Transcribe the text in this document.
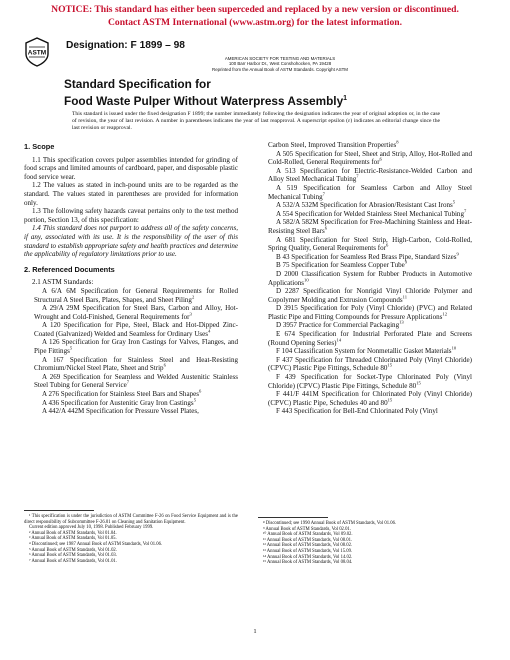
NOTICE: This standard has either been superceded and replaced by a new version or discontinued.
Contact ASTM International (www.astm.org) for the latest information.
ASTM
Designation: F 1899 – 98
AMERICAN SOCIETY FOR TESTING AND MATERIALS
100 Barr Harbor Dr., West Conshohocken, PA 19428
Reprinted from the Annual Book of ASTM Standards. Copyright ASTM
Standard Specification for
Food Waste Pulper Without Waterpress Assembly$^1$
This standard is issued under the fixed designation F 1899; the number immediately following the designation indicates the year of original adoption or, in the case of revision, the year of last revision. A number in parentheses indicates the year of last reapproval. A superscript epsilon (ε) indicates an editorial change since the last revision or reapproval.
1. Scope

1.1 This specification covers pulper assemblies intended for grinding of food scraps and limited amounts of cardboard, paper, and disposable plastic food service wear.

1.2 The values as stated in inch-pound units are to be regarded as the standard. The values stated in parentheses are provided for information only.

1.3 The following safety hazards caveat pertains only to the test method portion, Section 13, of this specification:

1.4 This standard does not purport to address all of the safety concerns, if any, associated with its use. It is the responsibility of the user of this standard to establish appropriate safety and health practices and determine the applicability of regulatory limitations prior to use.

2. Referenced Documents

2.1 ASTM Standards:

A 6/A 6M Specification for General Requirements for Rolled Structural A Steel Bars, Plates, Shapes, and Sheet Piling$^2$

A 29/A 29M Specification for Steel Bars, Carbon and Alloy, Hot-Wrought and Cold-Finished, General Requirements for$^3$

A 120 Specification for Pipe, Steel, Black and Hot-Dipped Zinc-Coated (Galvanized) Welded and Seamless for Ordinary Uses$^4$

A 126 Specification for Gray Iron Castings for Valves, Flanges, and Pipe Fittings$^5$

A 167 Specification for Stainless Steel and Heat-Resisting Chromium/Nickel Steel Plate, Sheet and Strip$^6$

A 269 Specification for Seamless and Welded Austenitic Stainless Steel Tubing for General Service$^7$

A 276 Specification for Stainless Steel Bars and Shapes$^6$

A 436 Specification for Austenitic Gray Iron Castings$^5$

A 442/A 442M Specification for Pressure Vessel Plates,

Carbon Steel, Improved Transition Properties$^8$

A 505 Specification for Steel, Sheet and Strip, Alloy, Hot-Rolled and Cold-Rolled, General Requirements for$^6$

A 513 Specification for Electric-Resistance-Welded Carbon and Alloy Steel Mechanical Tubing$^7$

A 519 Specification for Seamless Carbon and Alloy Steel Mechanical Tubing$^7$

A 532/A 532M Specification for Abrasion/Resistant Cast Irons$^5$

A 554 Specification for Welded Stainless Steel Mechanical Tubing$^7$

A 582/A 582M Specification for Free-Machining Stainless and Heat-Resisting Steel Bars$^6$

A 681 Specification for Steel Strip, High-Carbon, Cold-Rolled, Spring Quality, General Requirements for$^6$

B 43 Specification for Seamless Red Brass Pipe, Standard Sizes$^9$

B 75 Specification for Seamless Copper Tube$^9$

D 2000 Classification System for Rubber Products in Automotive Applications$^{10}$

D 2287 Specification for Nonrigid Vinyl Chloride Polymer and Copolymer Molding and Extrusion Compounds$^{11}$

D 3915 Specification for Poly (Vinyl Chloride) (PVC) and Related Plastic Pipe and Fitting Compounds for Pressure Applications$^{12}$

D 3957 Practice for Commercial Packaging$^{13}$

E 674 Specification for Industrial Perforated Plate and Screens (Round Opening Series)$^{14}$

F 104 Classification System for Nonmetallic Gasket Materials$^{10}$

F 437 Specification for Threaded Chlorinated Poly (Vinyl Chloride) (CPVC) Plastic Pipe Fittings, Schedule $80^{15}$

F 439 Specification for Socket-Type Chlorinated Poly (Vinyl Chloride) (CPVC) Plastic Pipe Fittings, Schedule $80^{15}$

F 441/F 441M Specification for Chlorinated Poly (Vinyl Chloride) (CPVC) Plastic Pipe, Schedules 40 and $80^{15}$

F 443 Specification for Bell-End Chlorinated Poly (Vinyl

¹ This specification is under the jurisdiction of ASTM Committee F-26 on Food Service Equipment and is the direct responsibility of Subcommittee F-26.01 on Cleaning and Sanitation Equipment.

Current edition approved July 10, 1998. Published February 1999.

² Annual Book of ASTM Standards, Vol 01.04.

³ Annual Book of ASTM Standards, Vol 01.05.

⁴ Discontinued; see 1987 Annual Book of ASTM Standards, Vol 01.06.

⁵ Annual Book of ASTM Standards, Vol 01.02.

⁶ Annual Book of ASTM Standards, Vol 01.03.

⁷ Annual Book of ASTM Standards, Vol 01.01.

⁸ Discontinued; see 1990 Annual Book of ASTM Standards, Vol 01.06.

⁹ Annual Book of ASTM Standards, Vol 02.01.

¹⁰ Annual Book of ASTM Standards, Vol 09.02.

¹¹ Annual Book of ASTM Standards, Vol 08.01.

¹² Annual Book of ASTM Standards, Vol 08.02.

¹³ Annual Book of ASTM Standards, Vol 15.09.

¹⁴ Annual Book of ASTM Standards, Vol 14.02.

¹⁵ Annual Book of ASTM Standards, Vol 08.04.

1
